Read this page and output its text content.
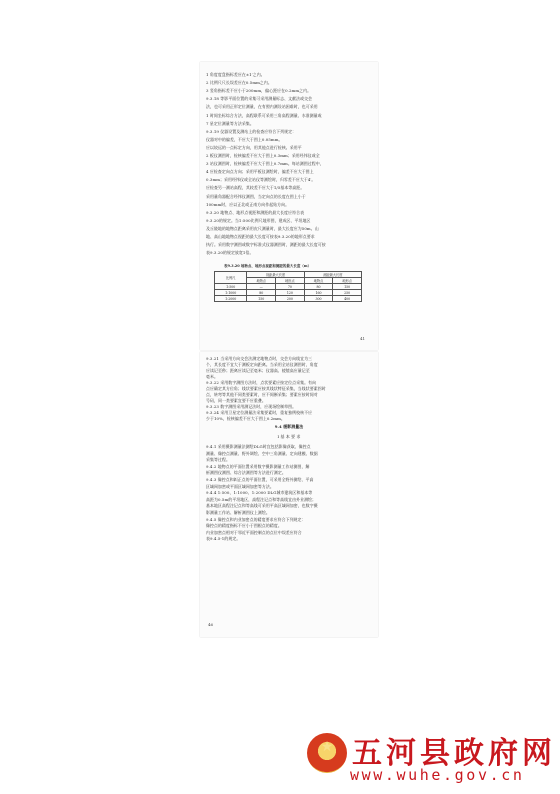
1 角度度盘指标差应在±1′之内。
2 比例尺尺长误差应在0.5mm之内。
3 竖角指标差不应小于200mm，偏心距应在0.2mm之内。
9.3.18 等影平面位置的采集可采用测量标志、文献法或交会
法，也可采用正形定位测量，在有照内测设站困难时，也可采用
1 时间坐标综合方法，高程联系可采用三角高程测量、水准测量或
7 星定位测量等方法采集。
9.3.19 仪器设置及测站上的检查应符合下列规定：
仪器对中的偏差，不应大于图上0.05mm。
应以较远的一点标定方向，用其他点进行检核。采用平
2 板仪测图时，检核偏差不应大于图上0.3mm；采用经纬仪或全
3 站仪测图时，检核偏差不应大于图上0.7mm。每站测图过程中，
4 应检查定向点方向；采用平板仪测绘时，偏差不应大于图上
0.3mm；采用经纬仪或全站仪等测绘时，归零差不应大于4′。
应检查另一测站高程，其较差不应大于1/5基本等高距。
采用量角器配合经纬仪测图，当定向点的长度在图上小于
100mm时，应以正北或正南方向作起始方向。
9.3.20 地物点、地形点视距和测距的最大长度应符合表
9.3.20的规定。当1:500比例尺地形图，建成区、平坦地区
及丘陵地的地物点距离采用皮尺测量时，最大长度应为50m。山
地、高山地地物点视距的最大长度可按表9.3.20的地形点要求
执行。采用数字测图或数字标准式仪器测图时，测距的最大长度可按
表9.3.20的规定放宽1倍。
表9.3.20 地物点、地形点视距和测距的最大长度（m）
比例尺	视距最大长度		测距最大长度	
	地物点	地形点	地物点	地形点
1:500	—	70	80	150
1:1000	80	120	160	250
1:2000	150	200	300	400
41
9.3.21 当采用方向交会法测定地物点时，交会方向线宜为三
个，其长度不宜大于测板定向距离。当采用全站仪测图时，角度
应读记至秒；距离应读记至毫米；仪器高、棱镜高应量记至
毫米。
9.3.22 采用数字测图方法时，点状要素应按定位点采集。有向
点应确定其方位角；线状要素应按其线状特征采集，当线状要素拐时
点，转弯等其他不同类要素时，应不间断采集；要素应按时间对
号码，同一类要素宜要不应重叠。
9.3.23 数字测图采用测记法时，应现场绘制草图。
9.3.24 采用卫星定位测量法采集要素时，重复独例校核不应
少于10%，检核偏差不应大于图上0.2mm。
9.4 缓影测量法
Ⅰ 基 本 要 求
9.4.1 采用摄影测量法测绘DLG时宜包括影像获取、像控点
测量、像控点测量、野外调绘、空中三角测量、定向建模、数据
采集等过程。
9.4.2 地物点的平面位置采用数字摄影测量工作站测图，解
析测图仪测图、综合法测图等方法进行测定。
9.4.3 像控点和纠正点的平面位置，可采用全野外测绘、平高
区域网加密或平面区域网加密等方法。
9.4.4 1:500、1:1000、1:2000 DLG城市建筑区和基本等
高距为0.5m的平坦地区，高程注记点和等高线宜由外业测绘；
基本地区高程注记点和等高线可采用平高区域网加密，也数字摄
影测量工作站、解析测图仪上测绘。
9.4.5 像控点和内业加密点的精度要求应符合下列规定：
像控点的精度指标不应小于图根点的精度。
内业加密点相对于邻近平面控制点的点位中误差应符合
表9.4.5-1的规定。
46
★ 五河县政府网
www.wuhe.gov.cn
